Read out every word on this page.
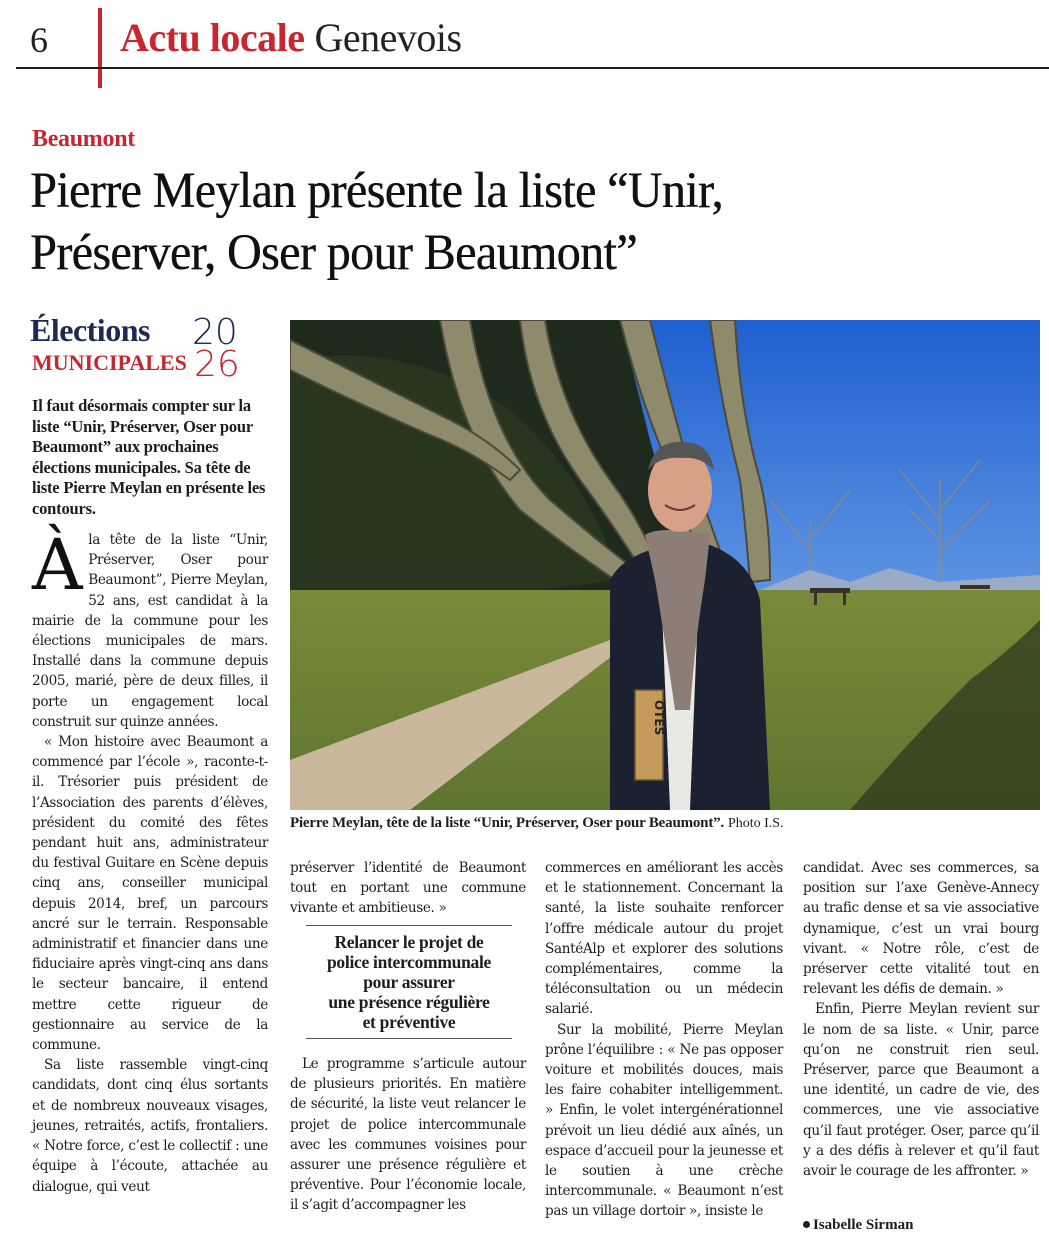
6 Actu locale Genevois
Beaumont
Pierre Meylan présente la liste “Unir,
Préserver, Oser pour Beaumont”
Élections
MUNICIPALES
20
26
Il faut désormais compter sur la liste “Unir, Préserver, Oser pour Beaumont” aux prochaines élections municipales. Sa tête de liste Pierre Meylan en présente les contours.

À la tête de la liste “Unir, Préserver, Oser pour Beaumont”, Pierre Meylan, 52 ans, est candidat à la mairie de la commune pour les élections municipales de mars. Installé dans la commune depuis 2005, marié, père de deux filles, il porte un engagement local construit sur quinze années.

« Mon histoire avec Beaumont a commencé par l’école », raconte-t-il. Trésorier puis président de l’Association des parents d’élèves, président du comité des fêtes pendant huit ans, administrateur du festival Guitare en Scène depuis cinq ans, conseiller municipal depuis 2014, bref, un parcours ancré sur le terrain. Responsable administratif et financier dans une fiduciaire après vingt-cinq ans dans le secteur bancaire, il entend mettre cette rigueur de gestionnaire au service de la commune.

Sa liste rassemble vingt-cinq candidats, dont cinq élus sortants et de nombreux nouveaux visages, jeunes, retraités, actifs, frontaliers. « Notre force, c’est le collectif : une équipe à l’écoute, attachée au dialogue, qui veut

OTES
Pierre Meylan, tête de la liste “Unir, Préserver, Oser pour Beaumont”. Photo I.S.

préserver l’identité de Beaumont tout en portant une commune vivante et ambitieuse. »

Relancer le projet de
police intercommunale
pour assurer
une présence régulière
et préventive

Le programme s’articule autour de plusieurs priorités. En matière de sécurité, la liste veut relancer le projet de police intercommunale avec les communes voisines pour assurer une présence régulière et préventive. Pour l’économie locale, il s’agit d’accompagner les

commerces en améliorant les accès et le stationnement. Concernant la santé, la liste souhaite renforcer l’offre médicale autour du projet SantéAlp et explorer des solutions complémentaires, comme la téléconsultation ou un médecin salarié.

Sur la mobilité, Pierre Meylan prône l’équilibre : « Ne pas opposer voiture et mobilités douces, mais les faire cohabiter intelligemment. » Enfin, le volet intergénérationnel prévoit un lieu dédié aux aînés, un espace d’accueil pour la jeunesse et le soutien à une crèche intercommunale. « Beaumont n’est pas un village dortoir », insiste le

candidat. Avec ses commerces, sa position sur l’axe Genève-Annecy au trafic dense et sa vie associative dynamique, c’est un vrai bourg vivant. « Notre rôle, c’est de préserver cette vitalité tout en relevant les défis de demain. »

Enfin, Pierre Meylan revient sur le nom de sa liste. « Unir, parce qu’on ne construit rien seul. Préserver, parce que Beaumont a une identité, un cadre de vie, des commerces, une vie associative qu’il faut protéger. Oser, parce qu’il y a des défis à relever et qu’il faut avoir le courage de les affronter. »

Isabelle Sirman
